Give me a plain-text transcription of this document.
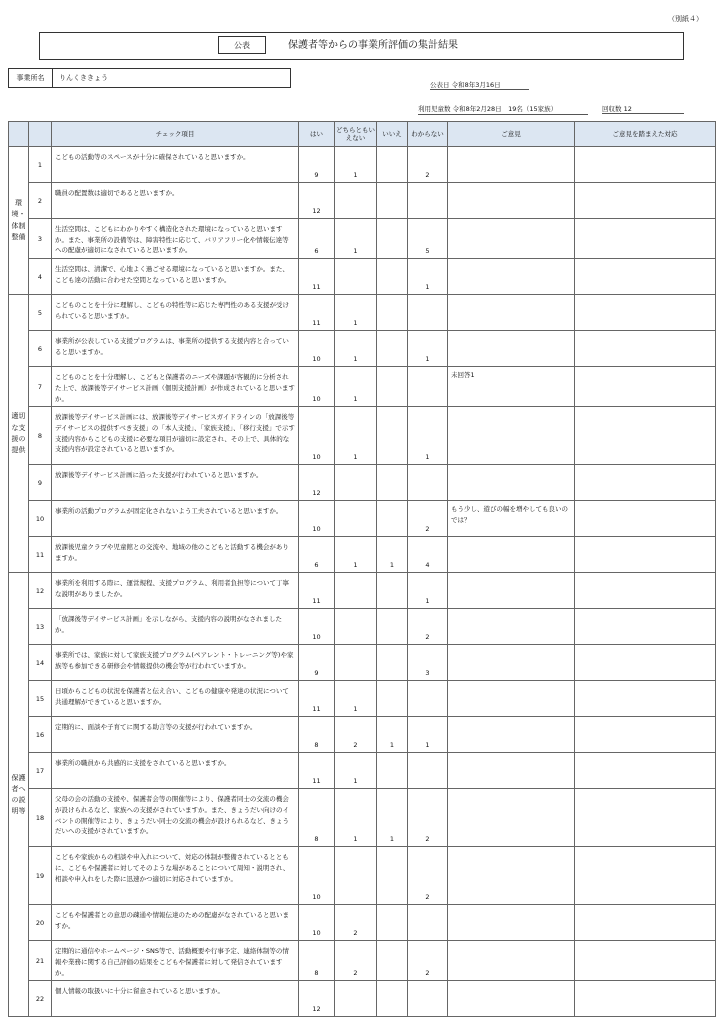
（別紙４）
公表	保護者等からの事業所評価の集計結果
事業所名	りんくききょう
公表日 令和8年3月16日
利用児童数 令和8年2月28日　19名（15家族）	回収数 12
		チェック項目	はい	どちらともいえない	いいえ	わからない	ご意見	ご意見を踏まえた対応
環境・体制整備	1	こどもの活動等のスペースが十分に確保されていると思いますか。	9	1		2		
	2	職員の配置数は適切であると思いますか。	12					
	3	生活空間は、こどもにわかりやすく構造化された環境になっていると思いますか。また、事業所の設備等は、障害特性に応じて、バリアフリー化や情報伝達等への配慮が適切になされていると思いますか。	6	1		5		
	4	生活空間は、清潔で、心地よく過ごせる環境になっていると思いますか。また、こども達の活動に合わせた空間となっていると思いますか。	11			1		
適切な支援の提供	5	こどものことを十分に理解し、こどもの特性等に応じた専門性のある支援が受けられていると思いますか。	11	1				
	6	事業所が公表している支援プログラムは、事業所の提供する支援内容と合っていると思いますか。	10	1		1		
	7	こどものことを十分理解し、こどもと保護者のニーズや課題が客観的に分析された上で、放課後等デイサービス計画（個別支援計画）が作成されていると思いますか。	10	1			未回答1	
	8	放課後等デイサービス計画には、放課後等デイサービスガイドラインの「放課後等デイサービスの提供すべき支援」の「本人支援」、「家族支援」、「移行支援」で示す支援内容からこどもの支援に必要な項目が適切に設定され、その上で、具体的な支援内容が設定されていると思いますか。	10	1		1		
	9	放課後等デイサービス計画に沿った支援が行われていると思いますか。	12					
	10	事業所の活動プログラムが固定化されないよう工夫されていると思いますか。	10			2	もう少し、遊びの幅を増やしても良いのでは？	
	11	放課後児童クラブや児童館との交流や、地域の他のこどもと活動する機会がありますか。	6	1	1	4		
保護者への説明等	12	事業所を利用する際に、運営規程、支援プログラム、利用者負担等について丁寧な説明がありましたか。	11			1		
	13	「放課後等デイサービス計画」を示しながら、支援内容の説明がなされましたか。	10			2		
	14	事業所では、家族に対して家族支援プログラム(ペアレント・トレーニング等)や家族等も参加できる研修会や情報提供の機会等が行われていますか。	9			3		
	15	日頃からこどもの状況を保護者と伝え合い、こどもの健康や発達の状況について共通理解ができていると思いますか。	11	1				
	16	定期的に、面談や子育てに関する助言等の支援が行われていますか。	8	2	1	1		
	17	事業所の職員から共感的に支援をされていると思いますか。	11	1				
	18	父母の会の活動の支援や、保護者会等の開催等により、保護者同士の交流の機会が設けられるなど、家族への支援がされていますか。また、きょうだい向けのイベントの開催等により、きょうだい同士の交流の機会が設けられるなど、きょうだいへの支援がされていますか。	8	1	1	2		
	19	こどもや家族からの相談や申入れについて、対応の体制が整備されているとともに、こどもや保護者に対してそのような場があることについて周知・説明され、相談や申入れをした際に迅速かつ適切に対応されていますか。	10			2		
	20	こどもや保護者との意思の疎通や情報伝達のための配慮がなされていると思いますか。	10	2				
	21	定期的に通信やホームページ・SNS等で、活動概要や行事予定、連絡体制等の情報や業務に関する自己評価の結果をこどもや保護者に対して発信されていますか。	8	2		2		
	22	個人情報の取扱いに十分に留意されていると思いますか。	12					
